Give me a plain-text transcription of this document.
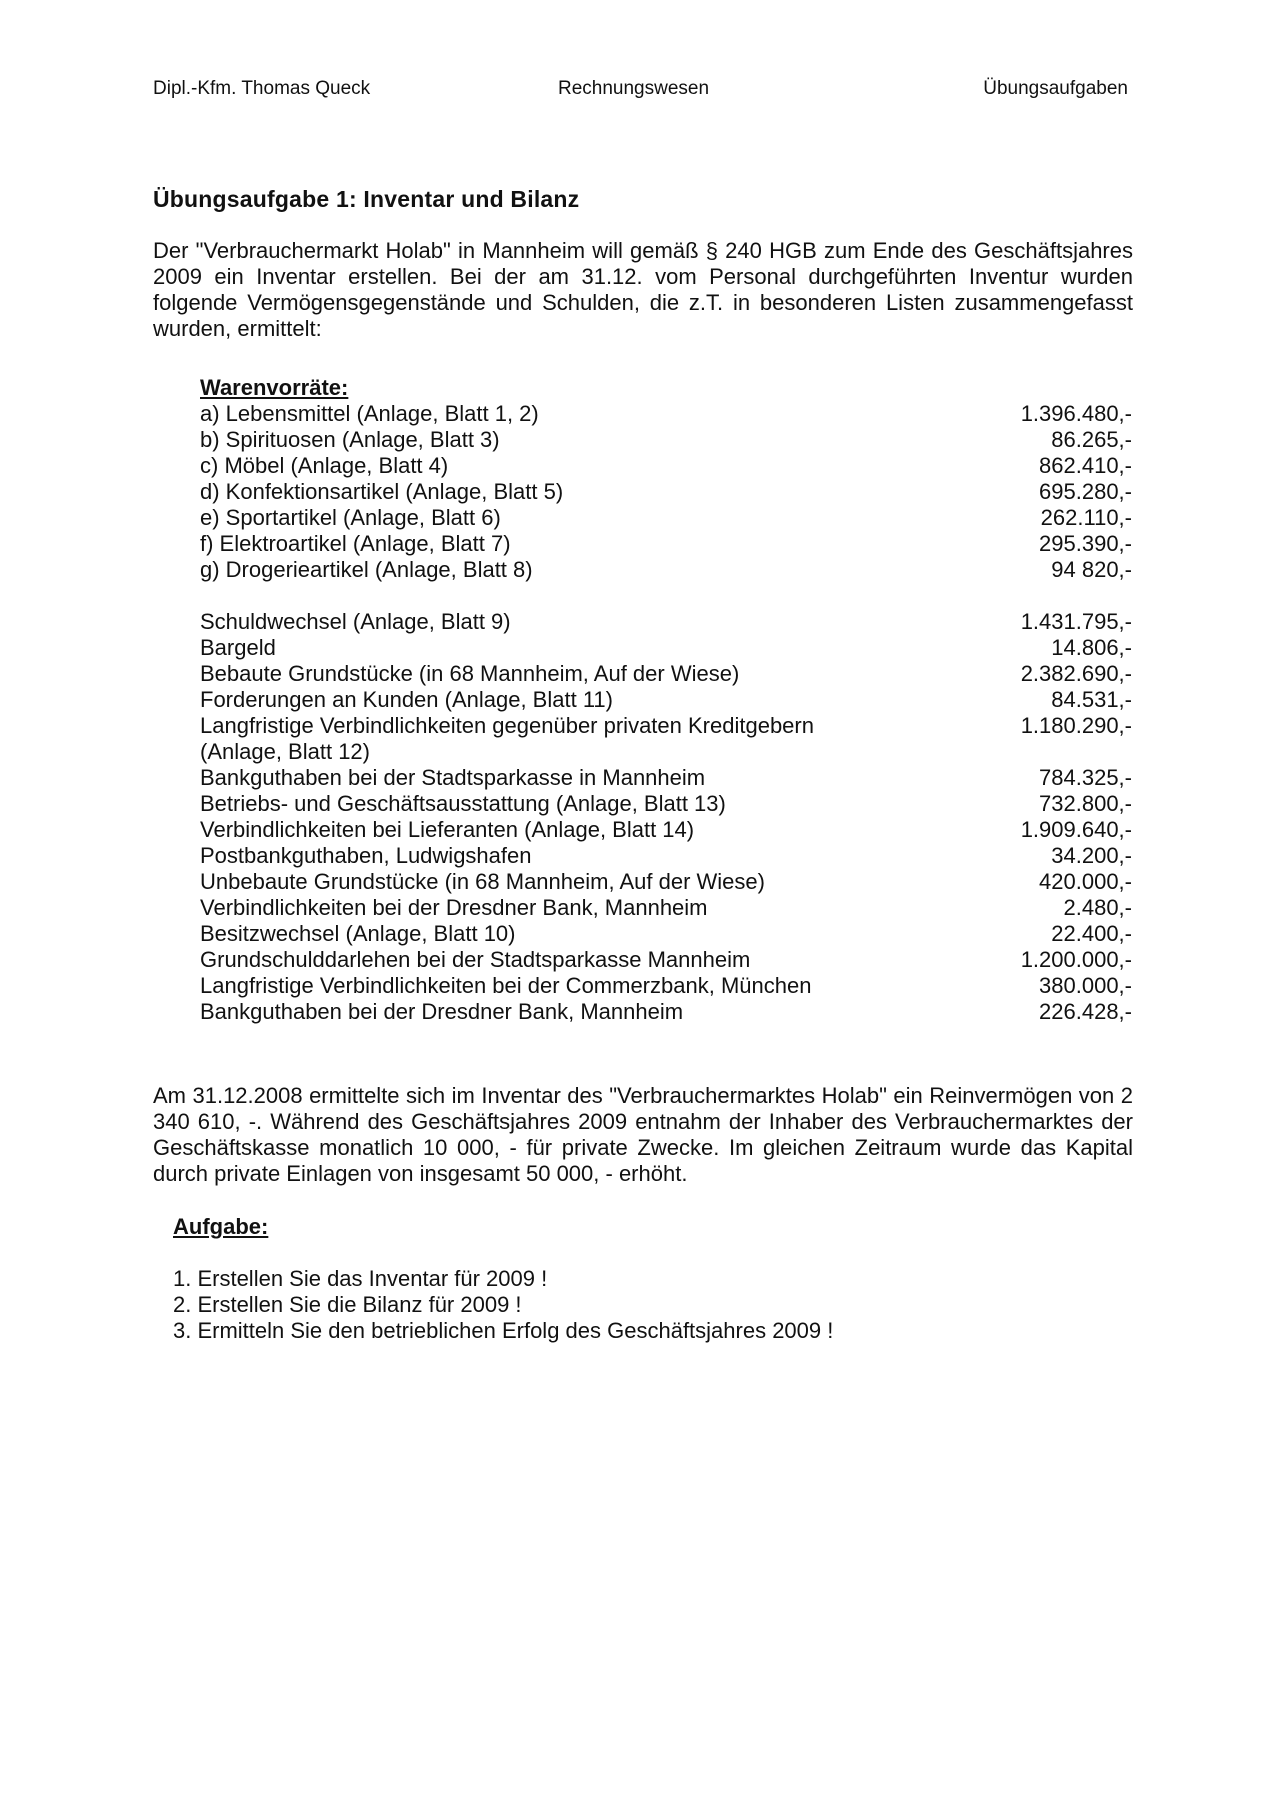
Dipl.-Kfm. Thomas Queck	Rechnungswesen	Übungsaufgaben
Übungsaufgabe 1: Inventar und Bilanz

Der "Verbrauchermarkt Holab" in Mannheim will gemäß § 240 HGB zum Ende des Geschäftsjahres 2009 ein Inventar erstellen. Bei der am 31.12. vom Personal durchgeführten Inventur wurden folgende Vermögensgegenstände und Schulden, die z.T. in besonderen Listen zusammengefasst wurden, ermittelt:

Warenvorräte:
a) Lebensmittel (Anlage, Blatt 1, 2)	1.396.480,-
b) Spirituosen (Anlage, Blatt 3)	86.265,-
c) Möbel (Anlage, Blatt 4)	862.410,-
d) Konfektionsartikel (Anlage, Blatt 5)	695.280,-
e) Sportartikel (Anlage, Blatt 6)	262.110,-
f) Elektroartikel (Anlage, Blatt 7)	295.390,-
g) Drogerieartikel (Anlage, Blatt 8)	94 820,-
Schuldwechsel (Anlage, Blatt 9)	1.431.795,-
Bargeld	14.806,-
Bebaute Grundstücke (in 68 Mannheim, Auf der Wiese)	2.382.690,-
Forderungen an Kunden (Anlage, Blatt 11)	84.531,-
Langfristige Verbindlichkeiten gegenüber privaten Kreditgebern (Anlage, Blatt 12)
1.180.290,-
Bankguthaben bei der Stadtsparkasse in Mannheim	784.325,-
Betriebs- und Geschäftsausstattung (Anlage, Blatt 13)	732.800,-
Verbindlichkeiten bei Lieferanten (Anlage, Blatt 14)	1.909.640,-
Postbankguthaben, Ludwigshafen	34.200,-
Unbebaute Grundstücke (in 68 Mannheim, Auf der Wiese)	420.000,-
Verbindlichkeiten bei der Dresdner Bank, Mannheim	2.480,-
Besitzwechsel (Anlage, Blatt 10)	22.400,-
Grundschulddarlehen bei der Stadtsparkasse Mannheim	1.200.000,-
Langfristige Verbindlichkeiten bei der Commerzbank, München	380.000,-
Bankguthaben bei der Dresdner Bank, Mannheim	226.428,-

Am 31.12.2008 ermittelte sich im Inventar des "Verbrauchermarktes Holab" ein Reinvermögen von 2 340 610, -. Während des Geschäftsjahres 2009 entnahm der Inhaber des Verbrauchermarktes der Geschäftskasse monatlich 10 000, - für private Zwecke. Im gleichen Zeitraum wurde das Kapital durch private Einlagen von insgesamt 50 000, - erhöht.

Aufgabe:
1. Erstellen Sie das Inventar für 2009 !
2. Erstellen Sie die Bilanz für 2009 !
3. Ermitteln Sie den betrieblichen Erfolg des Geschäftsjahres 2009 !
